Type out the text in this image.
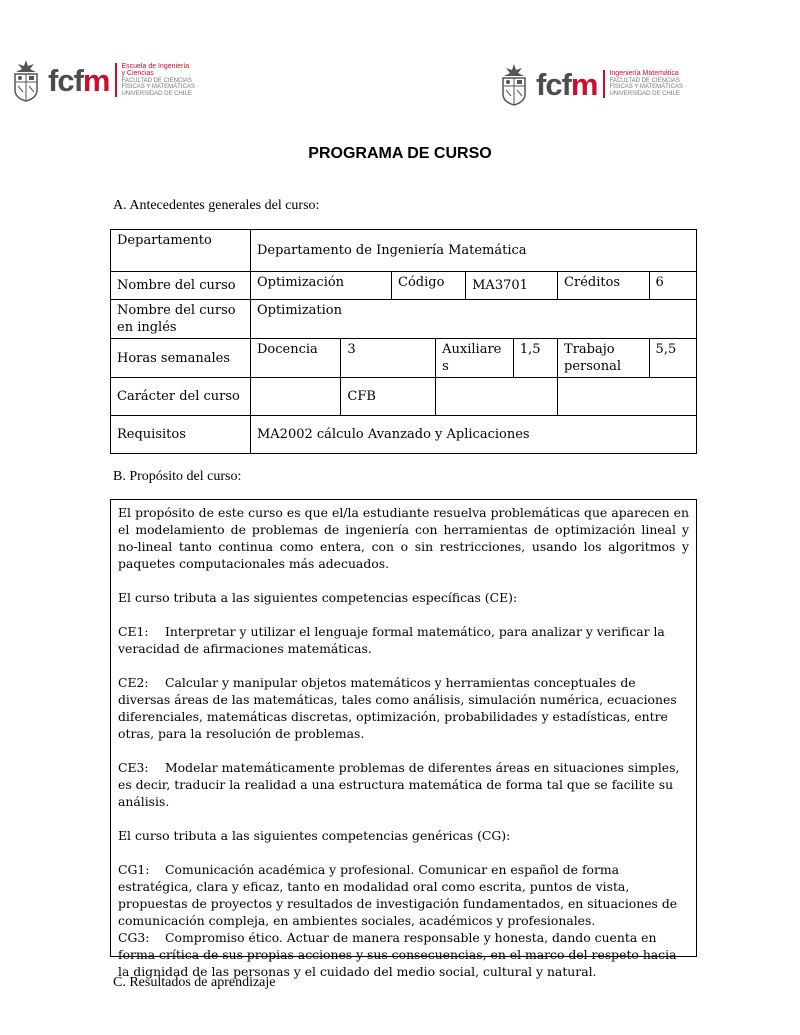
fcfm Escuela de Ingeniería
y Ciencias
FACULTAD DE CIENCIAS
FÍSICAS Y MATEMÁTICAS
UNIVERSIDAD DE CHILE	fcfm Ingeniería Matemática
FACULTAD DE CIENCIAS
FÍSICAS Y MATEMÁTICAS
UNIVERSIDAD DE CHILE
PROGRAMA DE CURSO
A. Antecedentes generales del curso:
Departamento	Departamento de Ingeniería Matemática							
Nombre del curso	Optimización		Código		MA3701		Créditos	6
Nombre del curso en inglés	Optimization							
Horas semanales	Docencia	3		Auxiliare s		1,5	Trabajo personal	5,5
Carácter del curso		CFB						
Requisitos	MA2002 cálculo Avanzado y Aplicaciones							
B. Propósito del curso:

El propósito de este curso es que el/la estudiante resuelva problemáticas que aparecen en el modelamiento de problemas de ingeniería con herramientas de optimización lineal y no-lineal tanto continua como entera, con o sin restricciones, usando los algoritmos y paquetes computacionales más adecuados.

El curso tributa a las siguientes competencias específicas (CE):

CE1: Interpretar y utilizar el lenguaje formal matemático, para analizar y verificar la veracidad de afirmaciones matemáticas.

CE2: Calcular y manipular objetos matemáticos y herramientas conceptuales de diversas áreas de las matemáticas, tales como análisis, simulación numérica, ecuaciones diferenciales, matemáticas discretas, optimización, probabilidades y estadísticas, entre otras, para la resolución de problemas.

CE3: Modelar matemáticamente problemas de diferentes áreas en situaciones simples, es decir, traducir la realidad a una estructura matemática de forma tal que se facilite su análisis.

El curso tributa a las siguientes competencias genéricas (CG):

CG1: Comunicación académica y profesional. Comunicar en español de forma estratégica, clara y eficaz, tanto en modalidad oral como escrita, puntos de vista, propuestas de proyectos y resultados de investigación fundamentados, en situaciones de comunicación compleja, en ambientes sociales, académicos y profesionales.

CG3: Compromiso ético. Actuar de manera responsable y honesta, dando cuenta en forma crítica de sus propias acciones y sus consecuencias, en el marco del respeto hacia la dignidad de las personas y el cuidado del medio social, cultural y natural.

C. Resultados de aprendizaje
